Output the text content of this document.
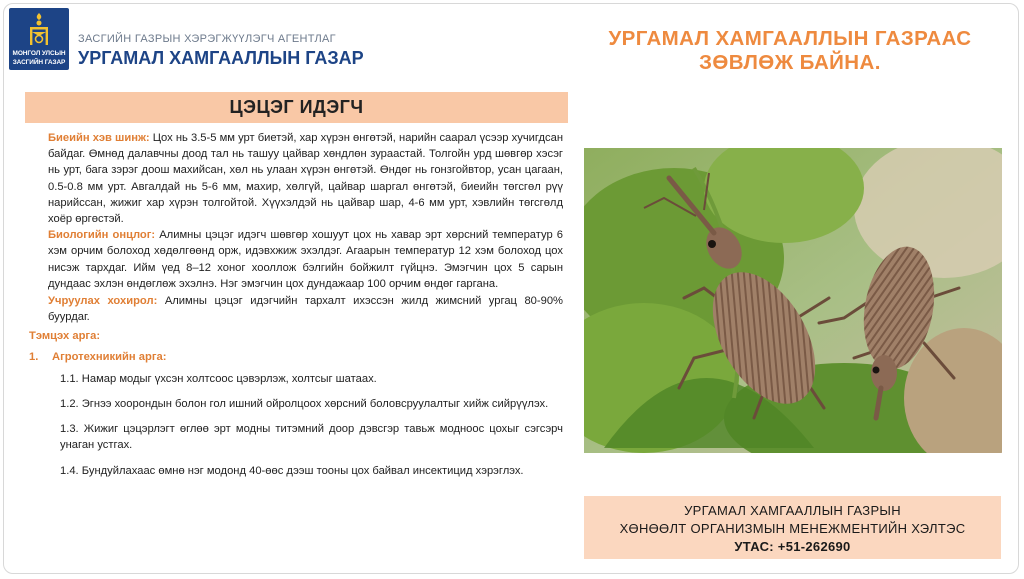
МОНГОЛ УЛСЫН
ЗАСГИЙН ГАЗАР
ЗАСГИЙН ГАЗРЫН ХЭРЭГЖҮҮЛЭГЧ АГЕНТЛАГ
УРГАМАЛ ХАМГААЛЛЫН ГАЗАР
УРГАМАЛ ХАМГААЛЛЫН ГАЗРААС
ЗӨВЛӨЖ БАЙНА.
ЦЭЦЭГ ИДЭГЧ

Биеийн хэв шинж: Цох нь 3.5-5 мм урт биетэй, хар хүрэн өнгөтэй, нарийн саарал үсээр хучигдсан байдаг. Өмнөд далавчны доод тал нь ташуу цайвар хөндлөн зураастай. Толгойн урд шөвгөр хэсэг нь урт, бага зэрэг доош махийсан, хөл нь улаан хүрэн өнгөтэй. Өндөг нь гонзгойвтор, усан цагаан, 0.5-0.8 мм урт. Авгалдай нь 5-6 мм, махир, хөлгүй, цайвар шаргал өнгөтэй, биеийн төгсгөл рүү нарийссан, жижиг хар хүрэн толгойтой. Хүүхэлдэй нь цайвар шар, 4-6 мм урт, хэвлийн төгсгөлд хоёр өргөстэй.

Биологийн онцлог: Алимны цэцэг идэгч шөвгөр хошуут цох нь хавар эрт хөрсний температур 6 хэм орчим болоход хөдөлгөөнд орж, идэвхжиж эхэлдэг. Агаарын температур 12 хэм болоход цох нисэж тархдаг. Ийм үед 8–12 хоног хооллож бэлгийн бойжилт гүйцнэ. Эмэгчин цох 5 сарын дундаас эхлэн өндөглөж эхэлнэ. Нэг эмэгчин цох дундажаар 100 орчим өндөг гаргана.

Учруулах хохирол: Алимны цэцэг идэгчийн тархалт ихэссэн жилд жимсний ургац 80-90% буурдаг.

Тэмцэх арга:

1. Агротехникийн арга:

1.1. Намар модыг үхсэн холтсоос цэвэрлэж, холтсыг шатаах.

1.2. Эгнээ хоорондын болон гол ишний ойролцоох хөрсний боловсруулалтыг хийж сийрүүлэх.

1.3. Жижиг цэцэрлэгт өглөө эрт модны титэмний доор дэвсгэр тавьж модноос цохыг сэгсэрч унаган устгах.

1.4. Бундуйлахаас өмнө нэг модонд 40-өөс дээш тооны цох байвал инсектицид хэрэглэх.

УРГАМАЛ ХАМГААЛЛЫН ГАЗРЫН
ХӨНӨӨЛТ ОРГАНИЗМЫН МЕНЕЖМЕНТИЙН ХЭЛТЭС
УТАС: +51-262690
